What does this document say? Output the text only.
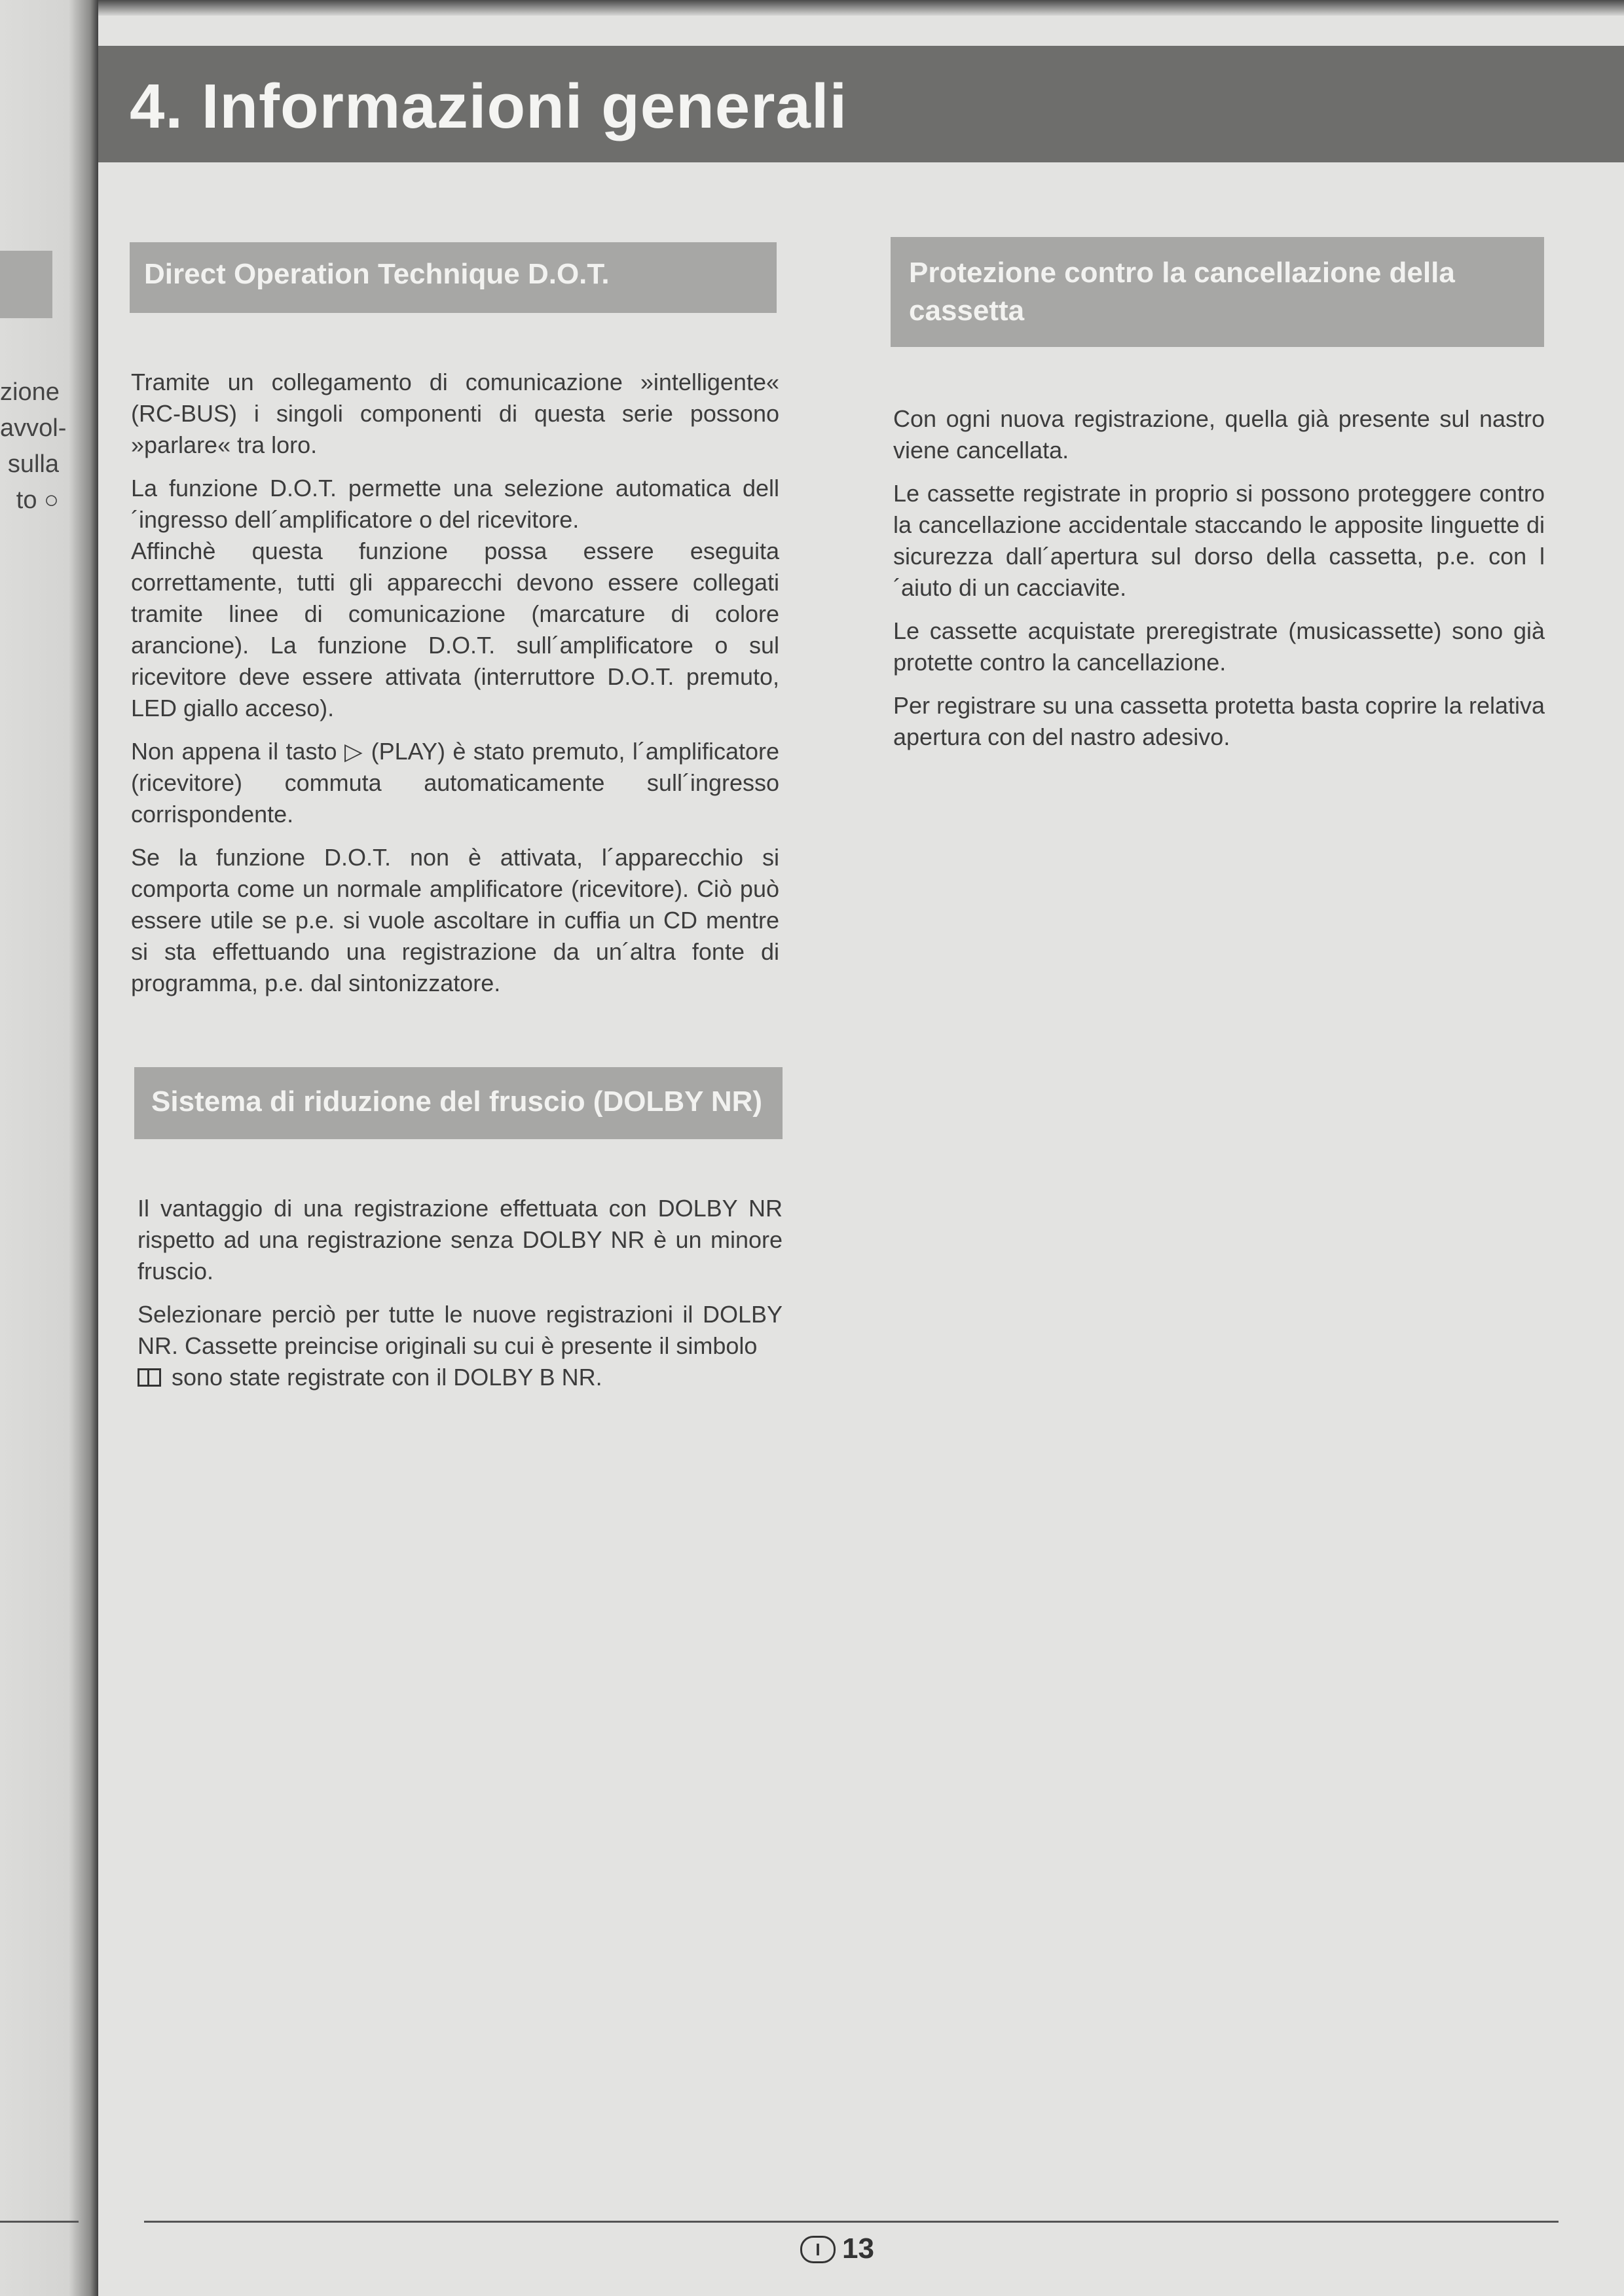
zione
avvol-
sulla
to ○
4. Informazioni generali
Direct Operation Technique D.O.T.

Tramite un collegamento di comunicazione »intelligente« (RC-BUS) i singoli componenti di questa serie possono »parlare« tra loro.

La funzione D.O.T. permette una selezione automatica dell´ingresso dell´amplificatore o del ricevitore.

Affinchè questa funzione possa essere eseguita correttamente, tutti gli apparecchi devono essere collegati tramite linee di comunicazione (marcature di colore arancione). La funzione D.O.T. sull´amplificatore o sul ricevitore deve essere attivata (interruttore D.O.T. premuto, LED giallo acceso).

Non appena il tasto ▷ (PLAY) è stato premuto, l´amplificatore (ricevitore) commuta automaticamente sull´ingresso corrispondente.

Se la funzione D.O.T. non è attivata, l´apparecchio si comporta come un normale amplificatore (ricevitore). Ciò può essere utile se p.e. si vuole ascoltare in cuffia un CD mentre si sta effettuando una registrazione da un´altra fonte di programma, p.e. dal sintonizzatore.

Sistema di riduzione del fruscio (DOLBY NR)

Il vantaggio di una registrazione effettuata con DOLBY NR rispetto ad una registrazione senza DOLBY NR è un minore fruscio.

Selezionare perciò per tutte le nuove registrazioni il DOLBY NR. Cassette preincise originali su cui è presente il simbolo
sono state registrate con il DOLBY B NR.

Protezione contro la cancellazione della cassetta

Con ogni nuova registrazione, quella già presente sul nastro viene cancellata.

Le cassette registrate in proprio si possono proteggere contro la cancellazione accidentale staccando le apposite linguette di sicurezza dall´apertura sul dorso della cassetta, p.e. con l´aiuto di un cacciavite.

Le cassette acquistate preregistrate (musicassette) sono già protette contro la cancellazione.

Per registrare su una cassetta protetta basta coprire la relativa apertura con del nastro adesivo.

I 13
